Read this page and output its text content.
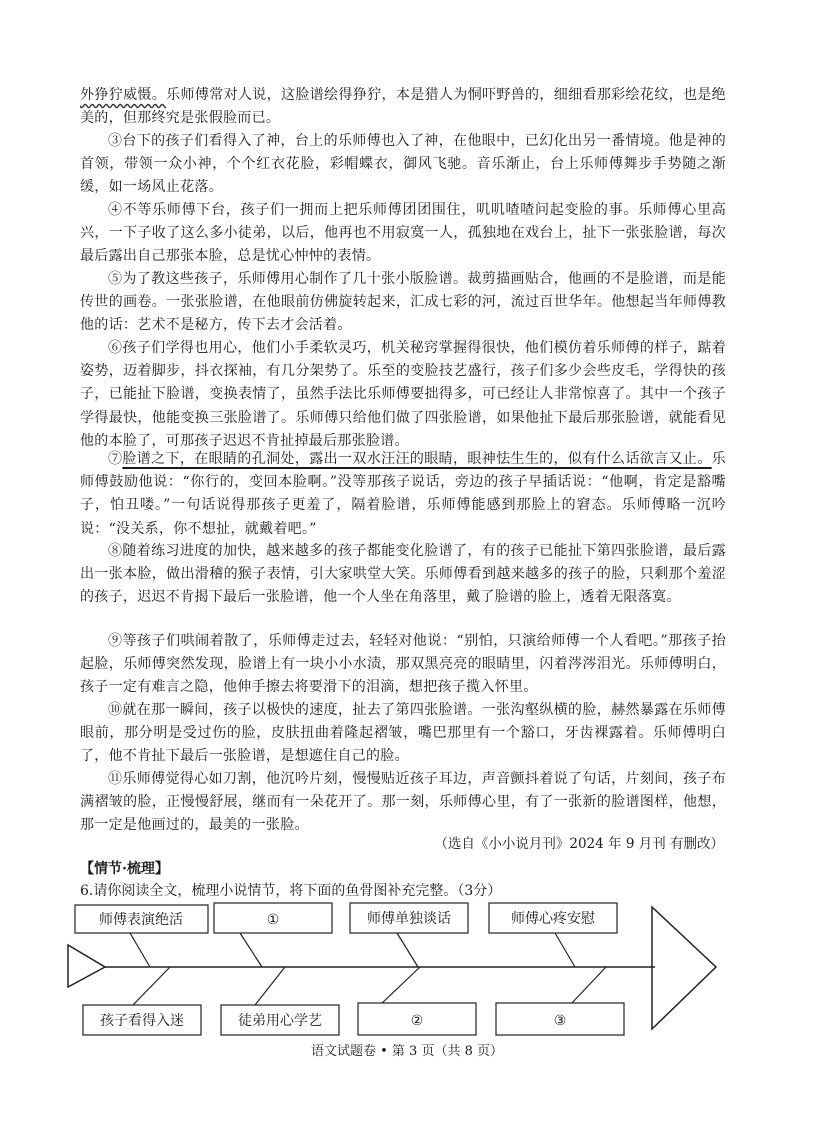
外狰狞威慑。乐师傅常对人说，这脸谱绘得狰狞，本是猎人为恫吓野兽的，细细看那彩绘花纹，也是绝美的，但那终究是张假脸而已。

③台下的孩子们看得入了神，台上的乐师傅也入了神，在他眼中，已幻化出另一番情境。他是神的首领，带领一众小神，个个红衣花脸，彩帽蝶衣，御风飞驰。音乐渐止，台上乐师傅舞步手势随之渐缓，如一场风止花落。

④不等乐师傅下台，孩子们一拥而上把乐师傅团团围住，叽叽喳喳问起变脸的事。乐师傅心里高兴，一下子收了这么多小徒弟，以后，他再也不用寂寞一人，孤独地在戏台上，扯下一张张脸谱，每次最后露出自己那张本脸，总是忧心忡忡的表情。

⑤为了教这些孩子，乐师傅用心制作了几十张小版脸谱。裁剪描画贴合，他画的不是脸谱，而是能传世的画卷。一张张脸谱，在他眼前仿佛旋转起来，汇成七彩的河，流过百世华年。他想起当年师傅教他的话：艺术不是秘方，传下去才会活着。

⑥孩子们学得也用心，他们小手柔软灵巧，机关秘窍掌握得很快，他们模仿着乐师傅的样子，踮着姿势，迈着脚步，抖衣探袖，有几分架势了。乐至的变脸技艺盛行，孩子们多少会些皮毛，学得快的孩子，已能扯下脸谱，变换表情了，虽然手法比乐师傅要拙得多，可已经让人非常惊喜了。其中一个孩子学得最快，他能变换三张脸谱了。乐师傅只给他们做了四张脸谱，如果他扯下最后那张脸谱，就能看见他的本脸了，可那孩子迟迟不肯扯掉最后那张脸谱。

⑦脸谱之下，在眼睛的孔洞处，露出一双水汪汪的眼睛，眼神怯生生的，似有什么话欲言又止。乐师傅鼓励他说：“你行的，变回本脸啊。”没等那孩子说话，旁边的孩子早插话说：“他啊，肯定是豁嘴子，怕丑喽。”一句话说得那孩子更羞了，隔着脸谱，乐师傅能感到那脸上的窘态。乐师傅略一沉吟说：“没关系，你不想扯，就戴着吧。”

⑧随着练习进度的加快，越来越多的孩子都能变化脸谱了，有的孩子已能扯下第四张脸谱，最后露出一张本脸，做出滑稽的猴子表情，引大家哄堂大笑。乐师傅看到越来越多的孩子的脸，只剩那个羞涩的孩子，迟迟不肯揭下最后一张脸谱，他一个人坐在角落里，戴了脸谱的脸上，透着无限落寞。

⑨等孩子们哄闹着散了，乐师傅走过去，轻轻对他说：“别怕，只演给师傅一个人看吧。”那孩子抬起脸，乐师傅突然发现，脸谱上有一块小小水渍，那双黑亮亮的眼睛里，闪着涔涔泪光。乐师傅明白，孩子一定有难言之隐，他伸手擦去将要滑下的泪滴，想把孩子揽入怀里。

⑩就在那一瞬间，孩子以极快的速度，扯去了第四张脸谱。一张沟壑纵横的脸，赫然暴露在乐师傅眼前，那分明是受过伤的脸，皮肤扭曲着隆起褶皱，嘴巴那里有一个豁口，牙齿裸露着。乐师傅明白了，他不肯扯下最后一张脸谱，是想遮住自己的脸。

⑪乐师傅觉得心如刀割，他沉吟片刻，慢慢贴近孩子耳边，声音颤抖着说了句话，片刻间，孩子布满褶皱的脸，正慢慢舒展，继而有一朵花开了。那一刻，乐师傅心里，有了一张新的脸谱图样，他想，那一定是他画过的，最美的一张脸。

（选自《小小说月刊》2024 年 9 月刊 有删改）
【情节·梳理】
6.请你阅读全文，梳理小说情节，将下面的鱼骨图补充完整。（3分）
师傅表演绝活	①	师傅单独谈话	师傅心疼安慰
孩子看得入迷	徒弟用心学艺	②	③
语文试题卷 • 第 3 页（共 8 页）
